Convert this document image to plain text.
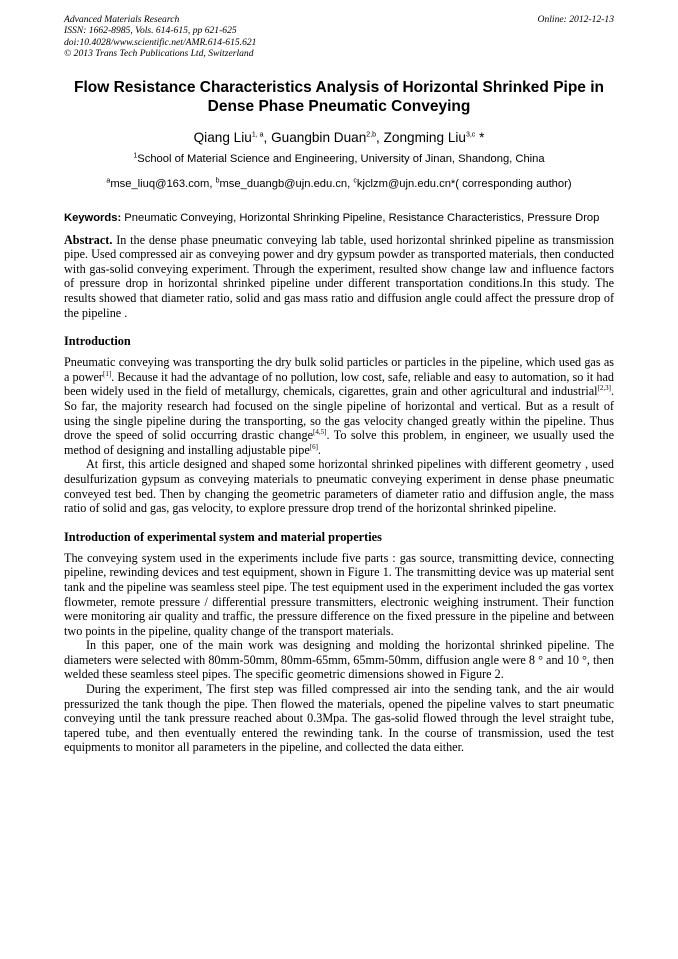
Advanced Materials Research	Online: 2012-12-13
ISSN: 1662-8985, Vols. 614-615, pp 621-625
doi:10.4028/www.scientific.net/AMR.614-615.621
© 2013 Trans Tech Publications Ltd, Switzerland
Flow Resistance Characteristics Analysis of Horizontal Shrinked Pipe in
Dense Phase Pneumatic Conveying
Qiang Liu$^{1, a}$, Guangbin Duan$^{2,b}$, Zongming Liu$^{3,c}$ *
$^1$School of Material Science and Engineering, University of Jinan, Shandong, China
$^a$mse_liuq@163.com, $^b$mse_duangb@ujn.edu.cn, $^c$kjclzm@ujn.edu.cn*( corresponding author)
Keywords: Pneumatic Conveying, Horizontal Shrinking Pipeline, Resistance Characteristics, Pressure Drop
Abstract. In the dense phase pneumatic conveying lab table, used horizontal shrinked pipeline as transmission pipe. Used compressed air as conveying power and dry gypsum powder as transported materials, then conducted with gas-solid conveying experiment. Through the experiment, resulted show change law and influence factors of pressure drop in horizontal shrinked pipeline under different transportation conditions.In this study. The results showed that diameter ratio, solid and gas mass ratio and diffusion angle could affect the pressure drop of the pipeline .
Introduction
Pneumatic conveying was transporting the dry bulk solid particles or particles in the pipeline, which used gas as a power[1]. Because it had the advantage of no pollution, low cost, safe, reliable and easy to automation, so it had been widely used in the field of metallurgy, chemicals, cigarettes, grain and other agricultural and industrial[2,3]. So far, the majority research had focused on the single pipeline of horizontal and vertical. But as a result of using the single pipeline during the transporting, so the gas velocity changed greatly within the pipeline. Thus drove the speed of solid occurring drastic change[4,5]. To solve this problem, in engineer, we usually used the method of designing and installing adjustable pipe[6].
At first, this article designed and shaped some horizontal shrinked pipelines with different geometry , used desulfurization gypsum as conveying materials to pneumatic conveying experiment in dense phase pneumatic conveyed test bed. Then by changing the geometric parameters of diameter ratio and diffusion angle, the mass ratio of solid and gas, gas velocity, to explore pressure drop trend of the horizontal shrinked pipeline.
Introduction of experimental system and material properties
The conveying system used in the experiments include five parts : gas source, transmitting device, connecting pipeline, rewinding devices and test equipment, shown in Figure 1. The transmitting device was up material sent tank and the pipeline was seamless steel pipe. The test equipment used in the experiment included the gas vortex flowmeter, remote pressure / differential pressure transmitters, electronic weighing instrument. Their function were monitoring air quality and traffic, the pressure difference on the fixed pressure in the pipeline and between two points in the pipeline, quality change of the transport materials.
In this paper, one of the main work was designing and molding the horizontal shrinked pipeline. The diameters were selected with 80mm-50mm, 80mm-65mm, 65mm-50mm, diffusion angle were 8 ° and 10 °, then welded these seamless steel pipes. The specific geometric dimensions showed in Figure 2.
During the experiment, The first step was filled compressed air into the sending tank, and the air would pressurized the tank though the pipe. Then flowed the materials, opened the pipeline valves to start pneumatic conveying until the tank pressure reached about 0.3Mpa. The gas-solid flowed through the level straight tube, tapered tube, and then eventually entered the rewinding tank. In the course of transmission, used the test equipments to monitor all parameters in the pipeline, and collected the data either.
